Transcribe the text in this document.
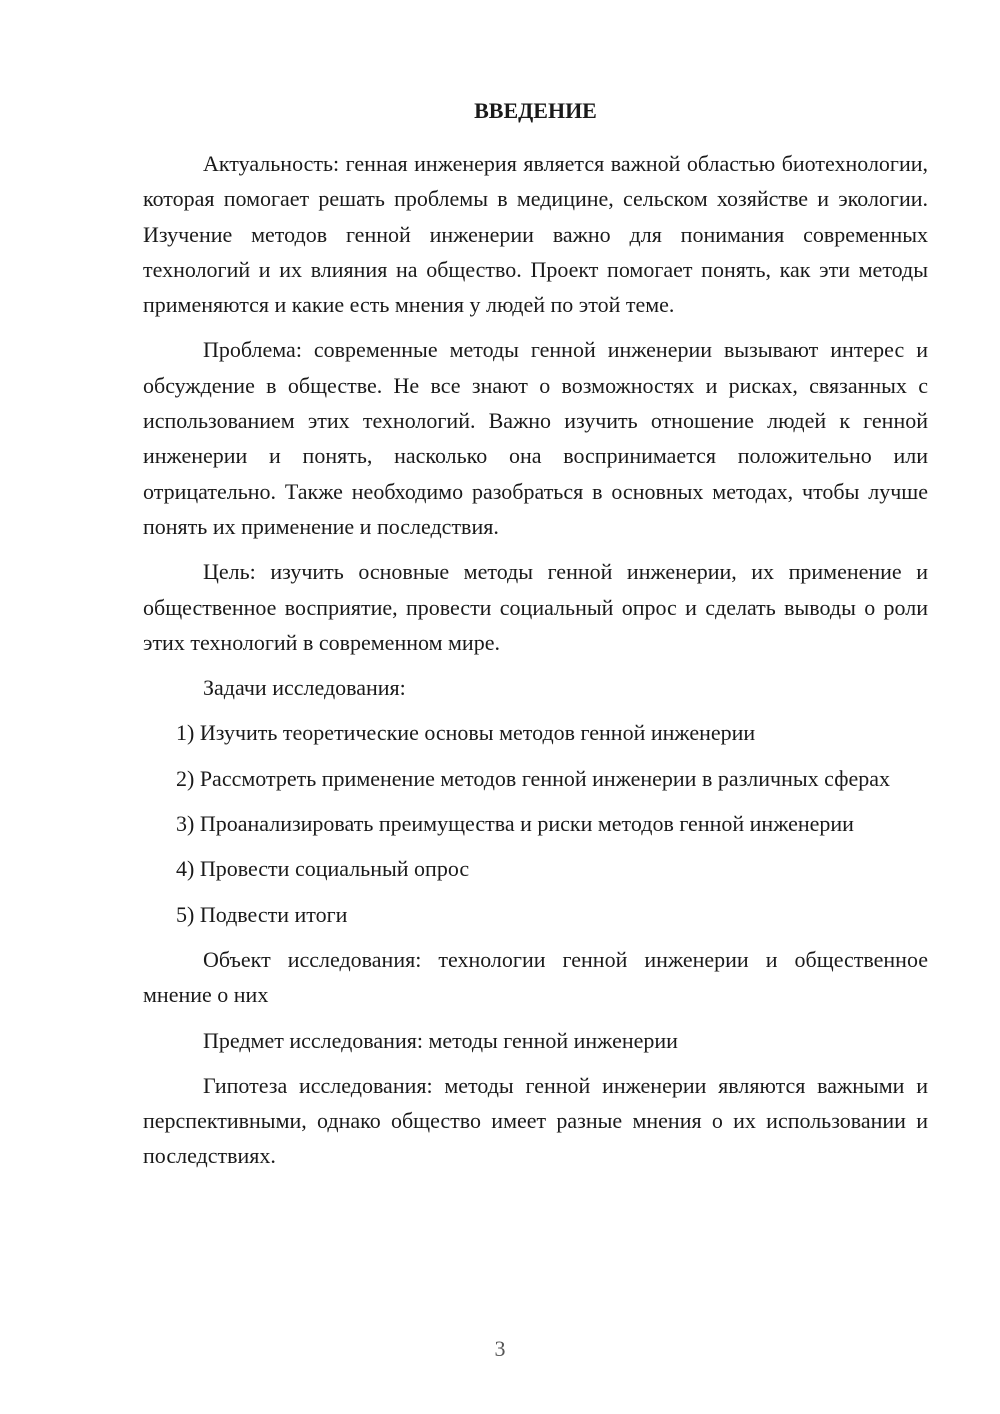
ВВЕДЕНИЕ

Актуальность: генная инженерия является важной областью биотехнологии, которая помогает решать проблемы в медицине, сельском хозяйстве и экологии. Изучение методов генной инженерии важно для понимания современных технологий и их влияния на общество. Проект помогает понять, как эти методы применяются и какие есть мнения у людей по этой теме.

Проблема: современные методы генной инженерии вызывают интерес и обсуждение в обществе. Не все знают о возможностях и рисках, связанных с использованием этих технологий. Важно изучить отношение людей к генной инженерии и понять, насколько она воспринимается положительно или отрицательно. Также необходимо разобраться в основных методах, чтобы лучше понять их применение и последствия.

Цель: изучить основные методы генной инженерии, их применение и общественное восприятие, провести социальный опрос и сделать выводы о роли этих технологий в современном мире.

Задачи исследования:

1) Изучить теоретические основы методов генной инженерии

2) Рассмотреть применение методов генной инженерии в различных сферах

3) Проанализировать преимущества и риски методов генной инженерии

4) Провести социальный опрос

5) Подвести итоги

Объект исследования: технологии генной инженерии и общественное мнение о них

Предмет исследования: методы генной инженерии

Гипотеза исследования: методы генной инженерии являются важными и перспективными, однако общество имеет разные мнения о их использовании и последствиях.

3
